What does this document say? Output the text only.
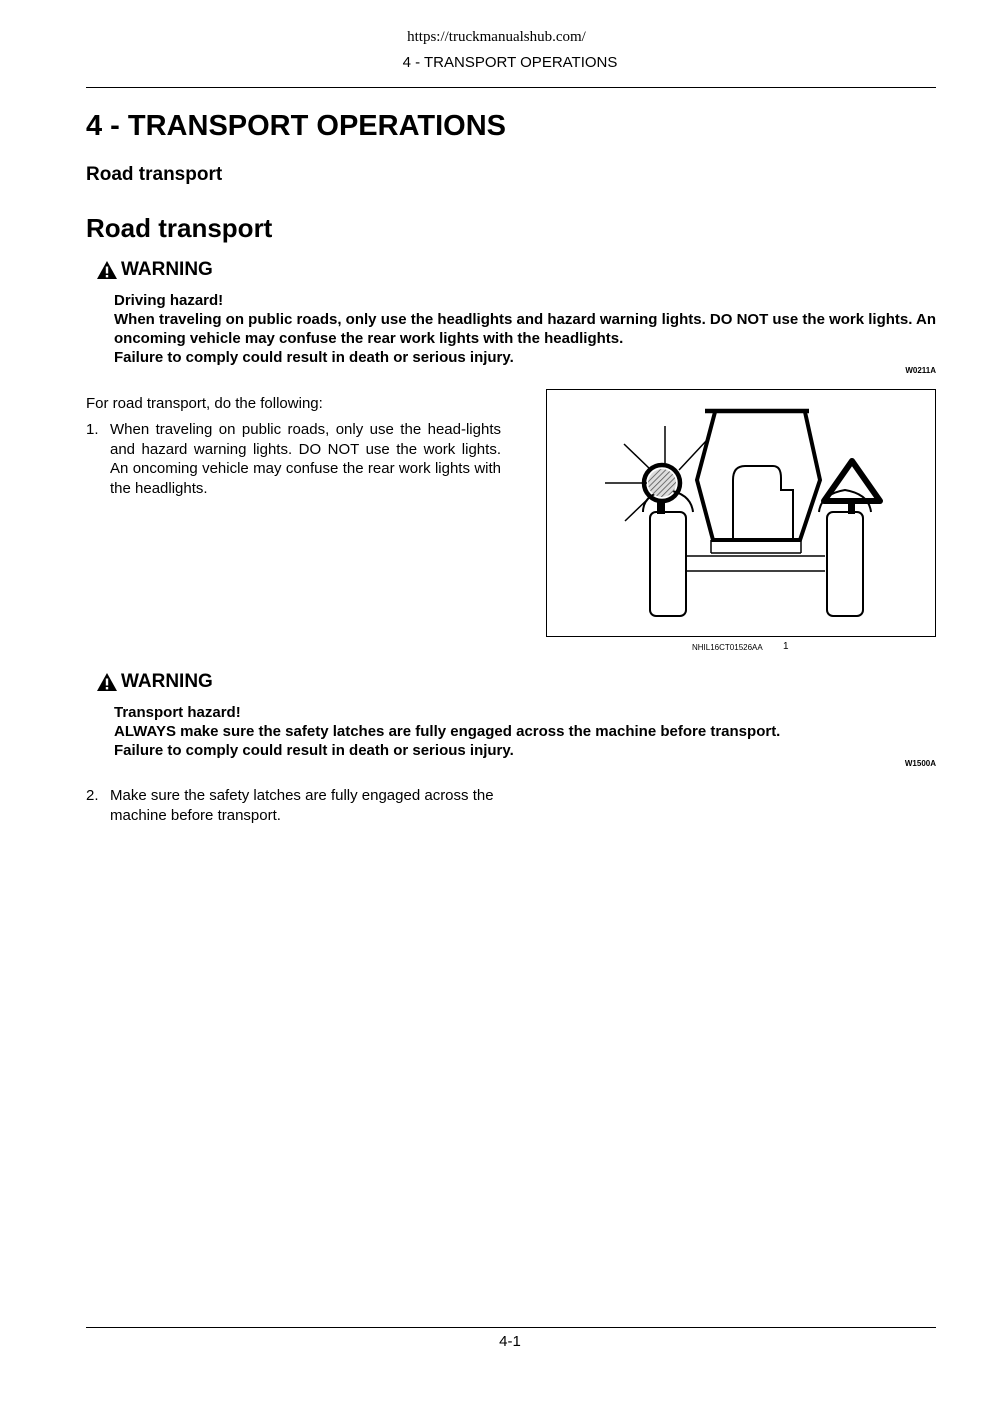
https://truckmanualshub.com/
4 - TRANSPORT OPERATIONS
4 - TRANSPORT OPERATIONS
Road transport
Road transport
WARNING
Driving hazard!
When traveling on public roads, only use the headlights and hazard warning lights. DO NOT use the work lights. An oncoming vehicle may confuse the rear work lights with the headlights.
Failure to comply could result in death or serious injury.
W0211A
For road transport, do the following:
1. When traveling on public roads, only use the head-lights and hazard warning lights. DO NOT use the work lights. An oncoming vehicle may confuse the rear work lights with the headlights.
NHIL16CT01526AA 1
WARNING
Transport hazard!
ALWAYS make sure the safety latches are fully engaged across the machine before transport.
Failure to comply could result in death or serious injury.
W1500A
2. Make sure the safety latches are fully engaged across the machine before transport.
4-1
